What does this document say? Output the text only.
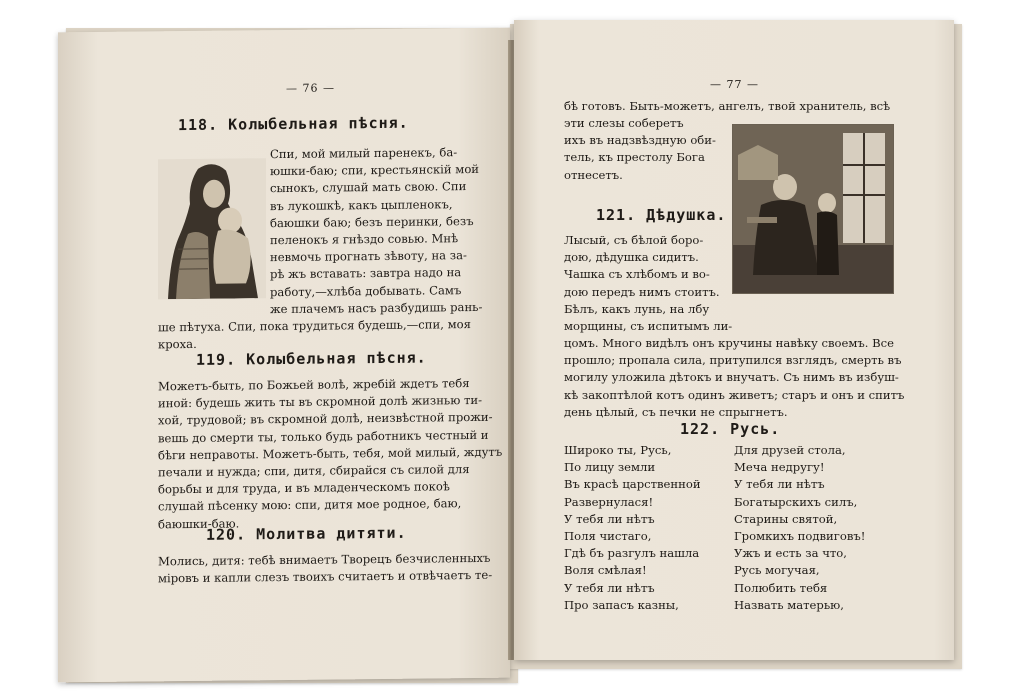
— 76 —
118. Колыбельная пѣсня.
Спи, мой милый паренекъ, ба-
юшки-баю; спи, крестьянскій мой
сынокъ, слушай мать свою. Спи
въ лукошкѣ, какъ цыпленокъ,
баюшки баю; безъ перинки, безъ
пеленокъ я гнѣздо совью. Мнѣ
невмочь прогнать зѣвоту, на за-
рѣ жъ вставать: завтра надо на
работу,—хлѣба добывать. Самъ
же плачемъ насъ разбудишь рань-
ше пѣтуха. Спи, пока трудиться будешь,—спи, моя
кроха.
119. Колыбельная пѣсня.
Можетъ-быть, по Божьей волѣ, жребій ждетъ тебя
иной: будешь жить ты въ скромной долѣ жизнью ти-
хой, трудовой; въ скромной долѣ, неизвѣстной прожи-
вешь до смерти ты, только будь работникъ честный и
бѣги неправоты. Можетъ-быть, тебя, мой милый, ждутъ
печали и нужда; спи, дитя, сбирайся съ силой для
борьбы и для труда, и въ младенческомъ покоѣ
слушай пѣсенку мою: спи, дитя мое родное, баю,
баюшки-баю.
120. Молитва дитяти.
Молись, дитя: тебѣ внимаетъ Творецъ безчисленныхъ
міровъ и капли слезъ твоихъ считаетъ и отвѣчаетъ те-
— 77 —
бѣ готовъ. Быть-можетъ, ангелъ, твой хранитель, всѣ
эти слезы соберетъ
ихъ въ надзвѣздную оби-
тель, къ престолу Бога
отнесетъ.
121. Дѣдушка.
Лысый, съ бѣлой боро-
дою, дѣдушка сидитъ.
Чашка съ хлѣбомъ и во-
дою передъ нимъ стоитъ.
Бѣлъ, какъ лунь, на лбу
морщины, съ испитымъ ли-
цомъ. Много видѣлъ онъ кручины навѣку своемъ. Все
прошло; пропала сила, притупился взглядъ, смерть въ
могилу уложила дѣтокъ и внучатъ. Съ нимъ въ избуш-
кѣ закоптѣлой котъ одинъ живетъ; старъ и онъ и спитъ
день цѣлый, съ печки не спрыгнетъ.
122. Русь.
Широко ты, Русь,
По лицу земли
Въ красѣ царственной
Развернулася!
У тебя ли нѣтъ
Поля чистаго,
Гдѣ бъ разгулъ нашла
Воля смѣлая!
У тебя ли нѣтъ
Про запасъ казны,
Для друзей стола,
Меча недругу!
У тебя ли нѣтъ
Богатырскихъ силъ,
Старины святой,
Громкихъ подвиговъ!
Ужъ и есть за что,
Русь могучая,
Полюбить тебя
Назвать матерью,
